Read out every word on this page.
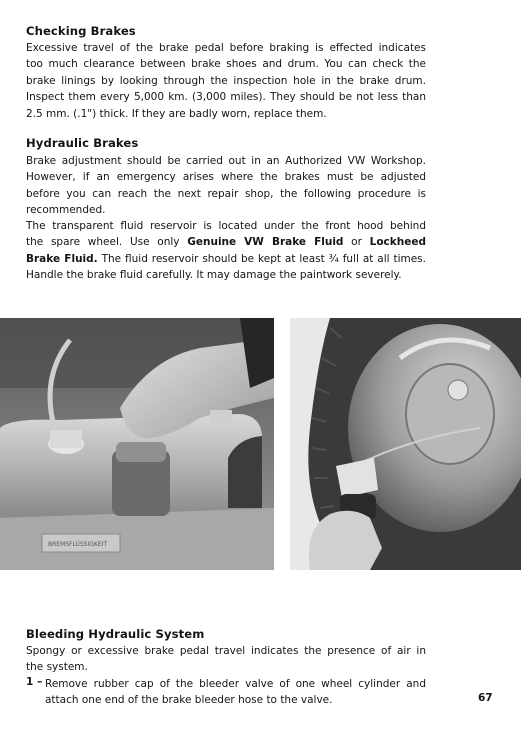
Checking Brakes
Excessive travel of the brake pedal before braking is effected indicates
too much clearance between brake shoes and drum. You can check the
brake linings by looking through the inspection hole in the brake drum.
Inspect them every 5,000 km. (3,000 miles). They should be not less than
2.5 mm. (.1") thick. If they are badly worn, replace them.
Hydraulic Brakes
Brake adjustment should be carried out in an Authorized VW Workshop.
However, if an emergency arises where the brakes must be adjusted
before you can reach the next repair shop, the following procedure is
recommended.
The transparent fluid reservoir is located under the front hood behind
the spare wheel. Use only Genuine VW Brake Fluid or Lockheed
Brake Fluid. The fluid reservoir should be kept at least ¾ full at all times.
Handle the brake fluid carefully. It may damage the paintwork severely.
BREMSFLÜSSIGKEIT
Bleeding Hydraulic System
Spongy or excessive brake pedal travel indicates the presence of air in
the system.
1 – Remove rubber cap of the bleeder valve of one wheel cylinder and
attach one end of the brake bleeder hose to the valve.	67
